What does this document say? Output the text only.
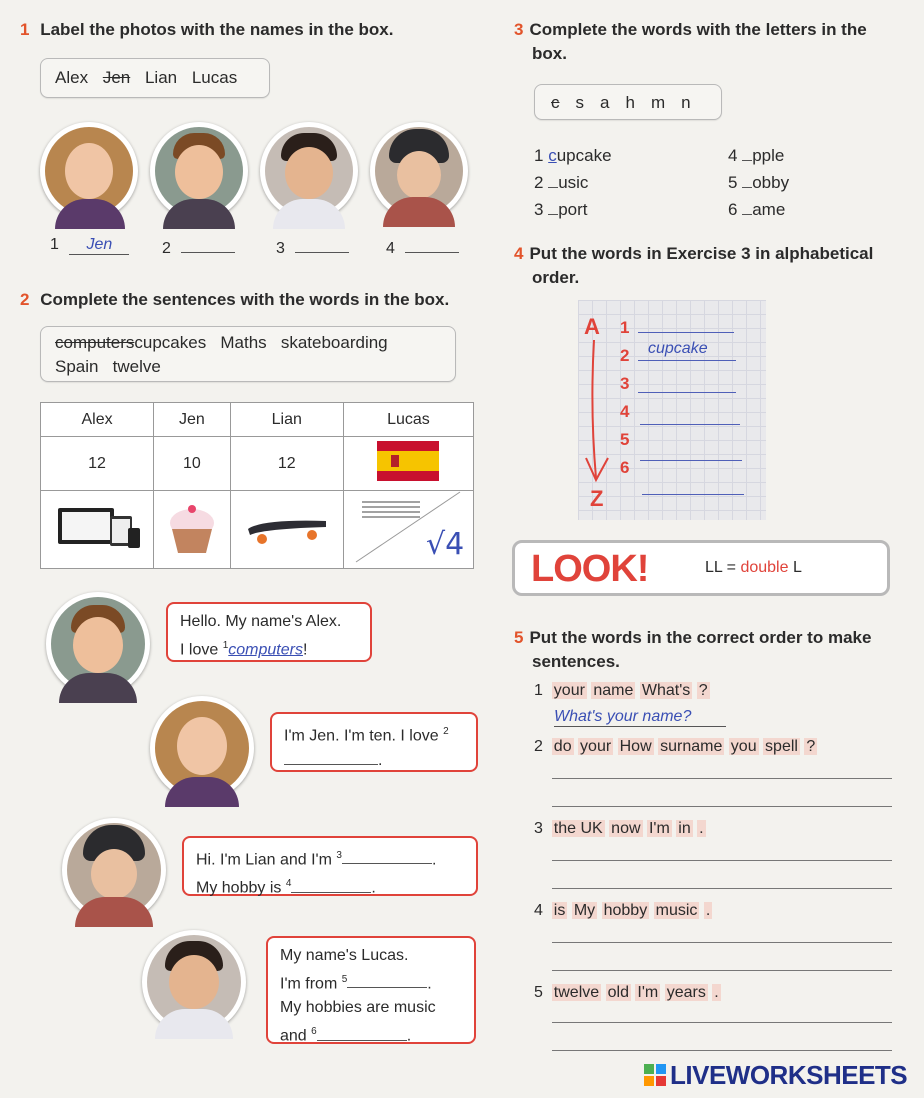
1 Label the photos with the names in the box.
Alex Jen Lian Lucas
1 Jen	2	3	4
2 Complete the sentences with the words in the box.
computerscupcakes   Maths   skateboarding
Spain   twelve
Alex	Jen	Lian	Lucas
12	10	12	

√4
Hello. My name's Alex.
I love $^1$computers!
I'm Jen. I'm ten. I love $^2$
.
Hi. I'm Lian and I'm $^3$	.
My hobby is $^4$	.
My name's Lucas.
I'm from $^5$	.
My hobbies are music
and $^6$	.
3 Complete the words with the letters in the
box.
c s a h m n
1 cupcake
2 usic
3 port
4 pple
5 obby
6 ame
4 Put the words in Exercise 3 in alphabetical
order.
A
Z
1
2
3
4
5
6
cupcake
LOOK!	LL = double L
5 Put the words in the correct order to make
sentences.
1 your name What's ?
What's your name?
2 do your How surname you spell ?
3 the UK now I'm in .
4 is My hobby music .
5 twelve old I'm years .
LIVEWORKSHEETS
